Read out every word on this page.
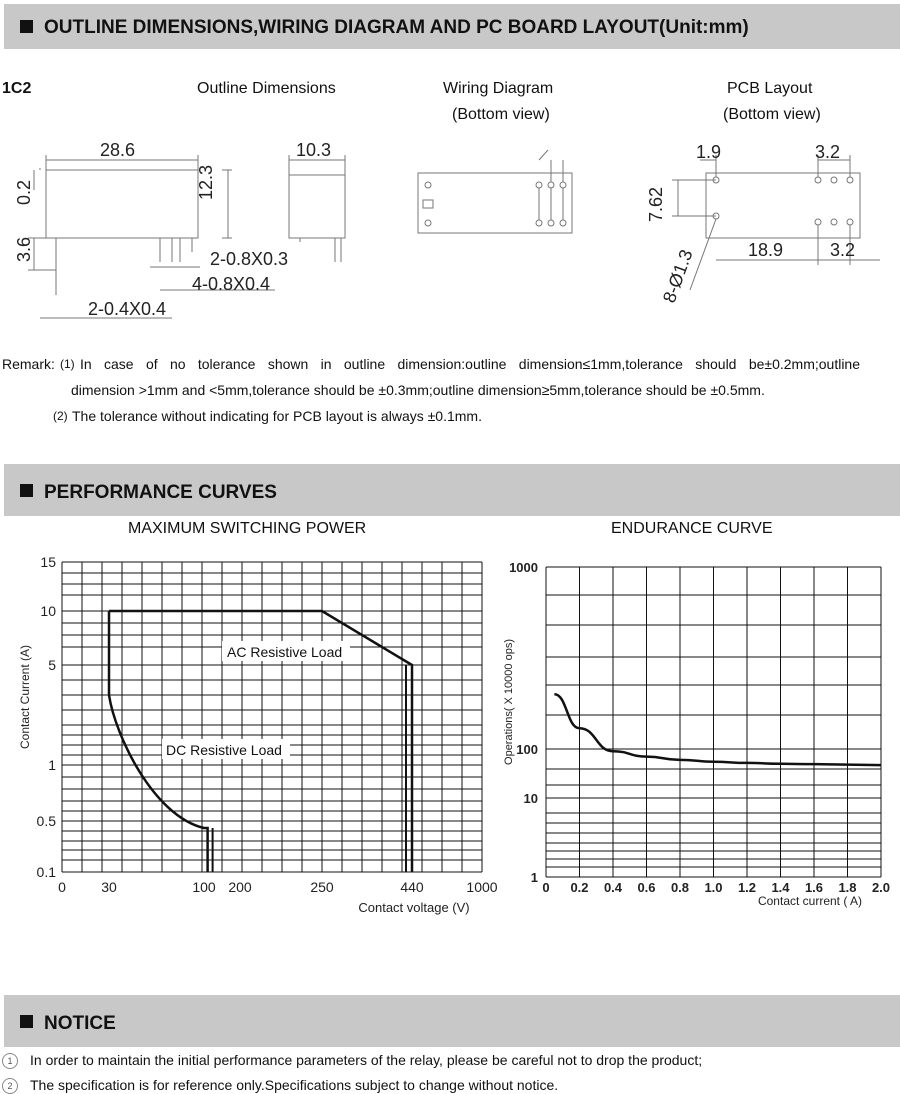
OUTLINE DIMENSIONS,WIRING DIAGRAM AND PC BOARD LAYOUT(Unit:mm)
1C2	Outline Dimensions	Wiring Diagram
(Bottom view)
PCB Layout
(Bottom view)
28.6	10.3
12.3
0.2
3.6	2-0.8X0.3
4-0.8X0.4
2-0.4X0.4
1.9	3.2
7.62
18.9	3.2
8-Ø1.3
Remark: (1) In case of no tolerance shown in outline dimension:outline dimension≤1mm,tolerance should be±0.2mm;outline
dimension >1mm and <5mm,tolerance should be ±0.3mm;outline dimension≥5mm,tolerance should be ±0.5mm.
(2) The tolerance without indicating for PCB layout is always ±0.1mm.
PERFORMANCE CURVES
MAXIMUM SWITCHING POWER	ENDURANCE CURVE
15
10
5
1
0.5
0.1
0	30	100 200	250	440	1000
Contact Current (A)
Contact voltage (V)
AC Resistive Load
DC Resistive Load
1000
100
10
1
0 0.2 0.4 0.6 0.8 1.0 1.2 1.4 1.6 1.8 2.0
Operations( X 10000 ops)
Contact current ( A)
NOTICE
1 In order to maintain the initial performance parameters of the relay, please be careful not to drop the product;
2 The specification is for reference only.Specifications subject to change without notice.
